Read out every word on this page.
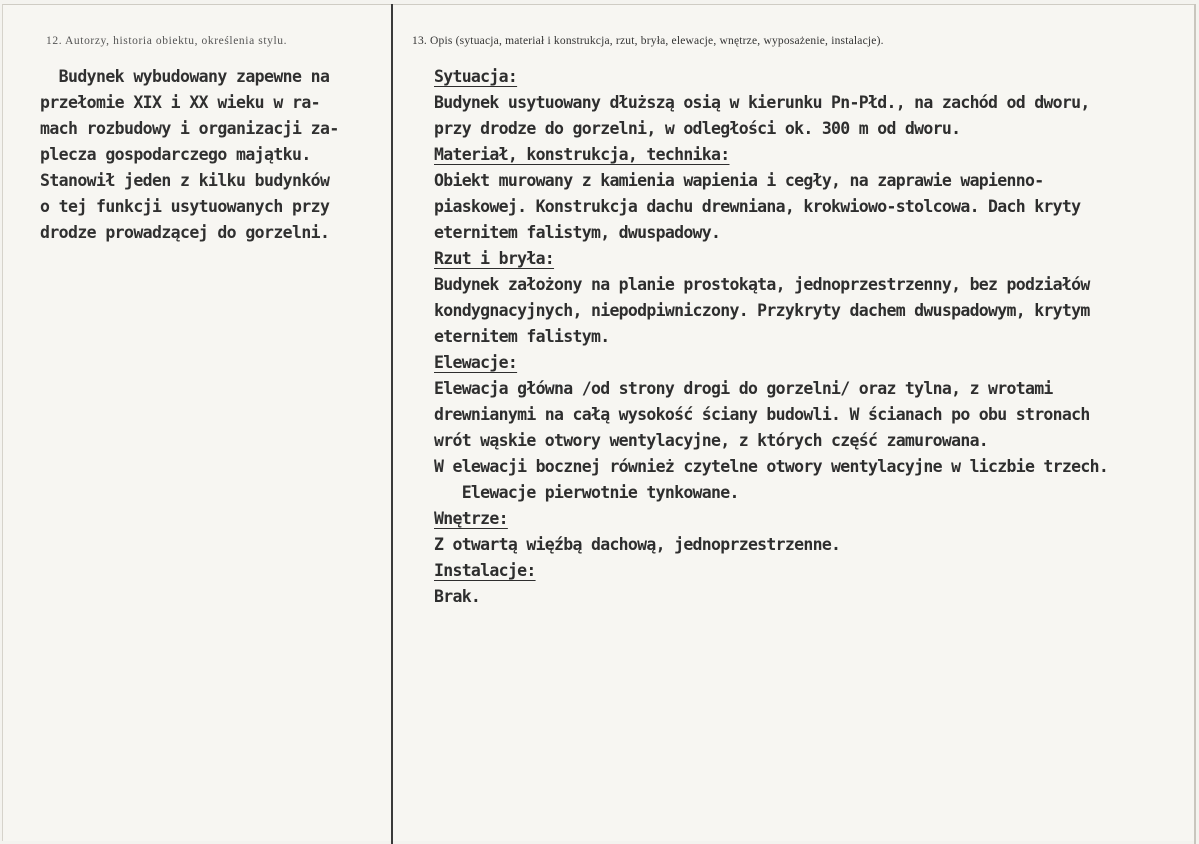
12. Autorzy, historia obiektu, określenia stylu.	13. Opis (sytuacja, materiał i konstrukcja, rzut, bryła, elewacje, wnętrze, wyposażenie, instalacje).
Budynek wybudowany zapewne na
przełomie XIX i XX wieku w ra-
mach rozbudowy i organizacji za-
plecza gospodarczego majątku.
Stanowił jeden z kilku budynków
o tej funkcji usytuowanych przy
drodze prowadzącej do gorzelni.
Sytuacja:
Budynek usytuowany dłuższą osią w kierunku Pn-Płd., na zachód od dworu,
przy drodze do gorzelni, w odległości ok. 300 m od dworu.
Materiał, konstrukcja, technika:
Obiekt murowany z kamienia wapienia i cegły, na zaprawie wapienno-
piaskowej. Konstrukcja dachu drewniana, krokwiowo-stolcowa. Dach kryty
eternitem falistym, dwuspadowy.
Rzut i bryła:
Budynek założony na planie prostokąta, jednoprzestrzenny, bez podziałów
kondygnacyjnych, niepodpiwniczony. Przykryty dachem dwuspadowym, krytym
eternitem falistym.
Elewacje:
Elewacja główna /od strony drogi do gorzelni/ oraz tylna, z wrotami
drewnianymi na całą wysokość ściany budowli. W ścianach po obu stronach
wrót wąskie otwory wentylacyjne, z których część zamurowana.
W elewacji bocznej również czytelne otwory wentylacyjne w liczbie trzech.
Elewacje pierwotnie tynkowane.
Wnętrze:
Z otwartą więźbą dachową, jednoprzestrzenne.
Instalacje:
Brak.
